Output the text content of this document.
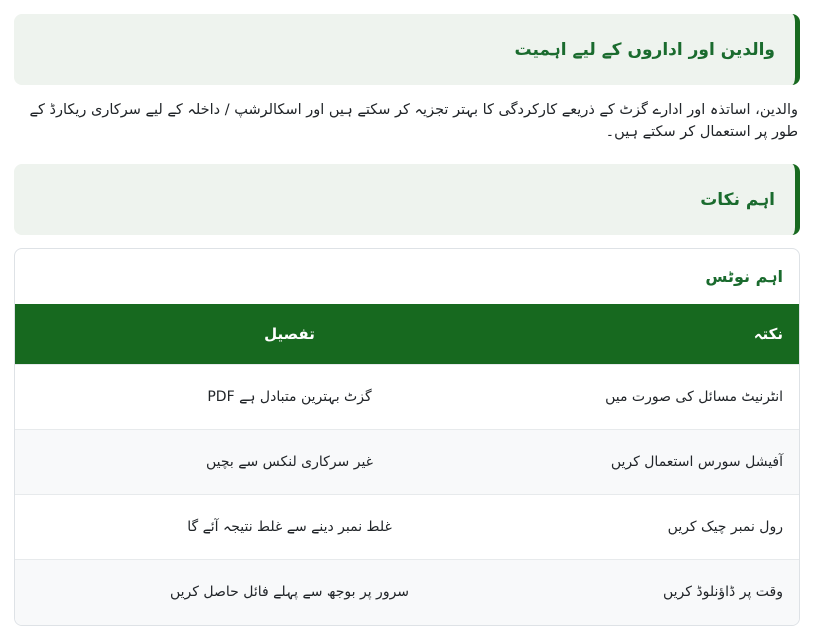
والدین اور اداروں کے لیے اہمیت

والدین، اساتذہ اور ادارے گزٹ کے ذریعے کارکردگی کا بہتر تجزیہ کر سکتے ہیں اور اسکالرشپ / داخلہ کے لیے سرکاری ریکارڈ کے طور پر استعمال کر سکتے ہیں۔

اہم نکات
اہم نوٹس
نکتہ	تفصیل
انٹرنیٹ مسائل کی صورت میں	PDF گزٹ بہترین متبادل ہے
آفیشل سورس استعمال کریں	غیر سرکاری لنکس سے بچیں
رول نمبر چیک کریں	غلط نمبر دینے سے غلط نتیجہ آئے گا
وقت پر ڈاؤنلوڈ کریں	سرور پر بوجھ سے پہلے فائل حاصل کریں
